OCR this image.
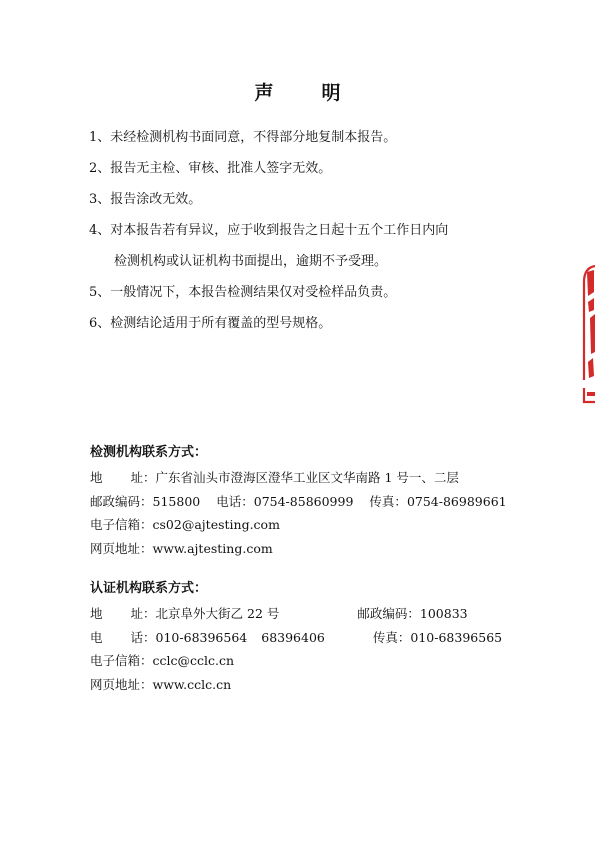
声	明
1、未经检测机构书面同意，不得部分地复制本报告。
2、报告无主检、审核、批准人签字无效。
3、报告涂改无效。
4、对本报告若有异议，应于收到报告之日起十五个工作日内向
检测机构或认证机构书面提出，逾期不予受理。
5、一般情况下，本报告检测结果仅对受检样品负责。
6、检测结论适用于所有覆盖的型号规格。
检测机构联系方式：
地 址：广东省汕头市澄海区澄华工业区文华南路 1 号一、二层
邮政编码：515800 电话：0754-85860999 传真：0754-86989661
电子信箱：cs02@ajtesting.com
网页地址：www.ajtesting.com
认证机构联系方式：
地 址：北京阜外大街乙 22 号	邮政编码：100833
电 话：010-68396564 68396406	传真：010-68396565
电子信箱：cclc@cclc.cn
网页地址：www.cclc.cn
